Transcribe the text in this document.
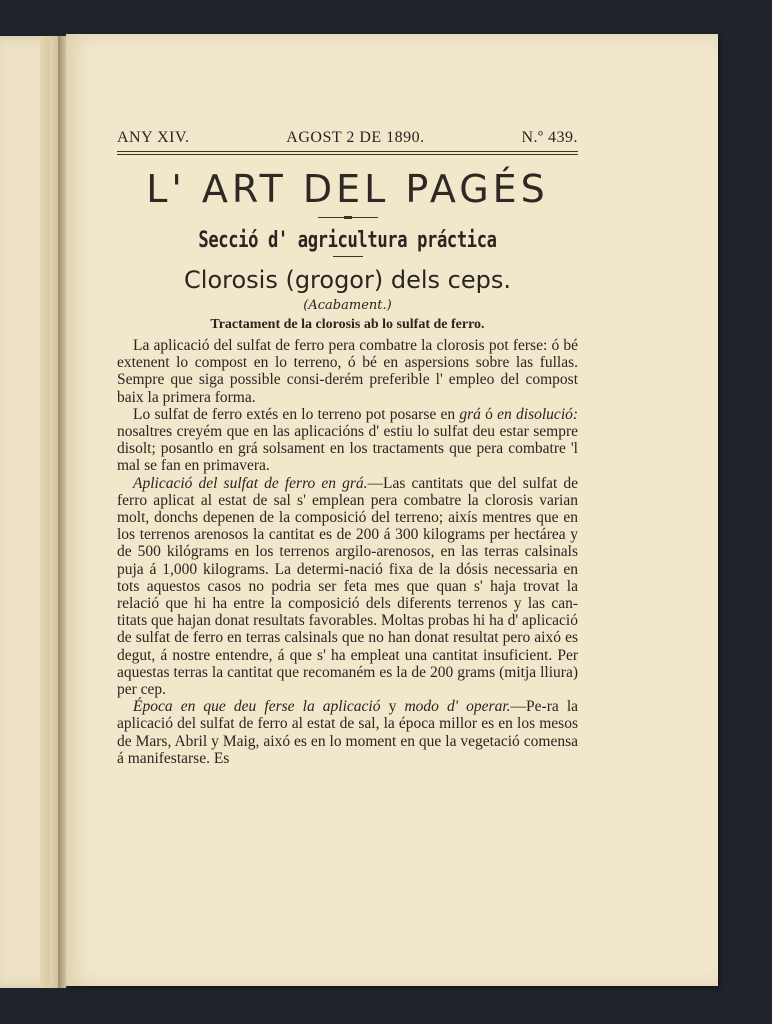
ANY XIV.	AGOST 2 DE 1890.	N.º 439.
L' ART DEL PAGÉS
Secció d' agricultura práctica
Clorosis (grogor) dels ceps.
(Acabament.)
Tractament de la clorosis ab lo sulfat de ferro.

La aplicació del sulfat de ferro pera combatre la clorosis pot ferse: ó bé extenent lo compost en lo terreno, ó bé en aspersions sobre las fullas. Sempre que siga possible consi-derém preferible l' empleo del compost baix la primera forma.

Lo sulfat de ferro extés en lo terreno pot posarse en grá ó en disolució: nosaltres creyém que en las aplicacións d' estiu lo sulfat deu estar sempre disolt; posantlo en grá solsament en los tractaments que pera combatre 'l mal se fan en primavera.

Aplicació del sulfat de ferro en grá.—Las cantitats que del sulfat de ferro aplicat al estat de sal s' emplean pera combatre la clorosis varian molt, donchs depenen de la composició del terreno; aixís mentres que en los terrenos arenosos la cantitat es de 200 á 300 kilograms per hectárea y de 500 kilógrams en los terrenos argilo-arenosos, en las terras calsinals puja á 1,000 kilograms. La determi-nació fixa de la dósis necessaria en tots aquestos casos no podria ser feta mes que quan s' haja trovat la relació que hi ha entre la composició dels diferents terrenos y las can-titats que hajan donat resultats favorables. Moltas probas hi ha d' aplicació de sulfat de ferro en terras calsinals que no han donat resultat pero aixó es degut, á nostre entendre, á que s' ha empleat una cantitat insuficient. Per aquestas terras la cantitat que recomaném es la de 200 grams (mitja lliura) per cep.

Época en que deu ferse la aplicació y modo d' operar.—Pe-ra la aplicació del sulfat de ferro al estat de sal, la época millor es en los mesos de Mars, Abril y Maig, aixó es en lo moment en que la vegetació comensa á manifestarse. Es
